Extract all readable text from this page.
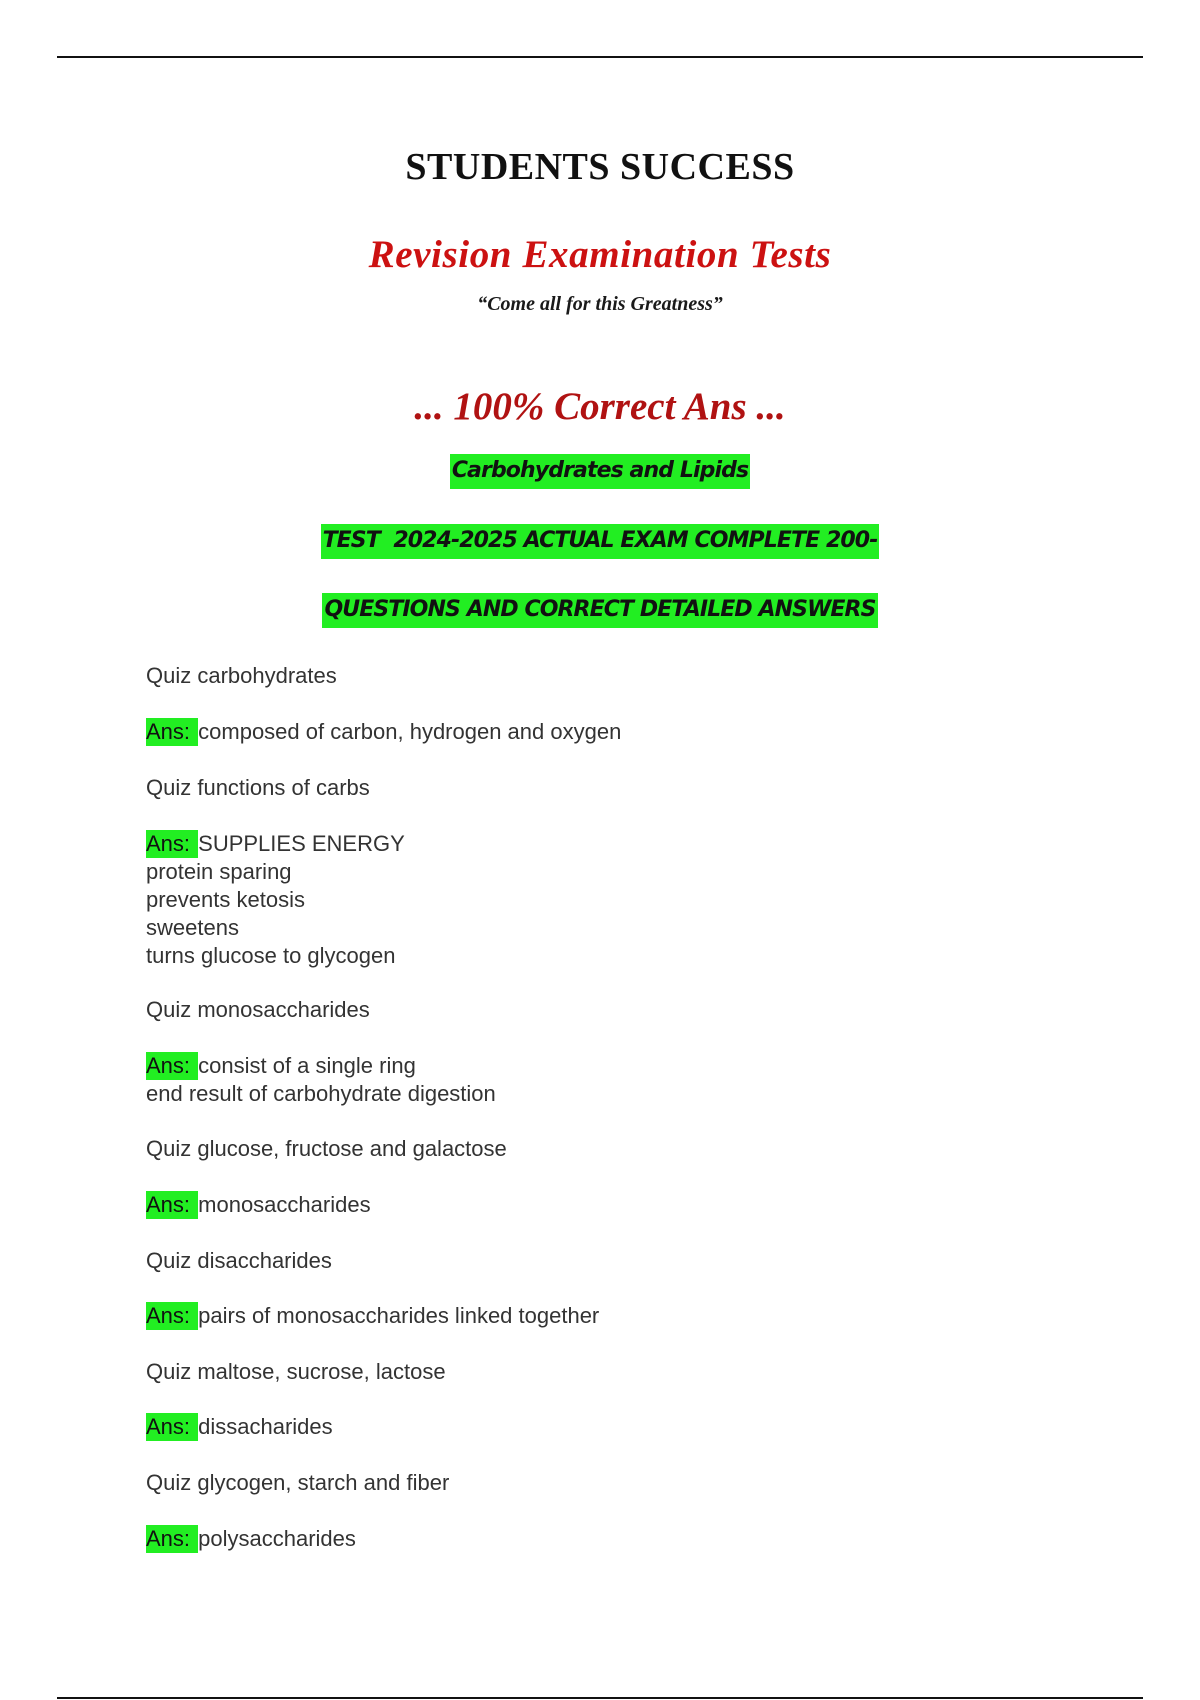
STUDENTS SUCCESS
Revision Examination Tests
“Come all for this Greatness”
... 100% Correct Ans ...
Carbohydrates and Lipids
TEST  2024-2025 ACTUAL EXAM COMPLETE 200-
QUESTIONS AND CORRECT DETAILED ANSWERS
Quiz carbohydrates
Ans: composed of carbon, hydrogen and oxygen
Quiz functions of carbs
Ans: SUPPLIES ENERGY
protein sparing
prevents ketosis
sweetens
turns glucose to glycogen
Quiz monosaccharides
Ans: consist of a single ring
end result of carbohydrate digestion
Quiz glucose, fructose and galactose
Ans: monosaccharides
Quiz disaccharides
Ans: pairs of monosaccharides linked together
Quiz maltose, sucrose, lactose
Ans: dissacharides
Quiz glycogen, starch and fiber
Ans: polysaccharides
